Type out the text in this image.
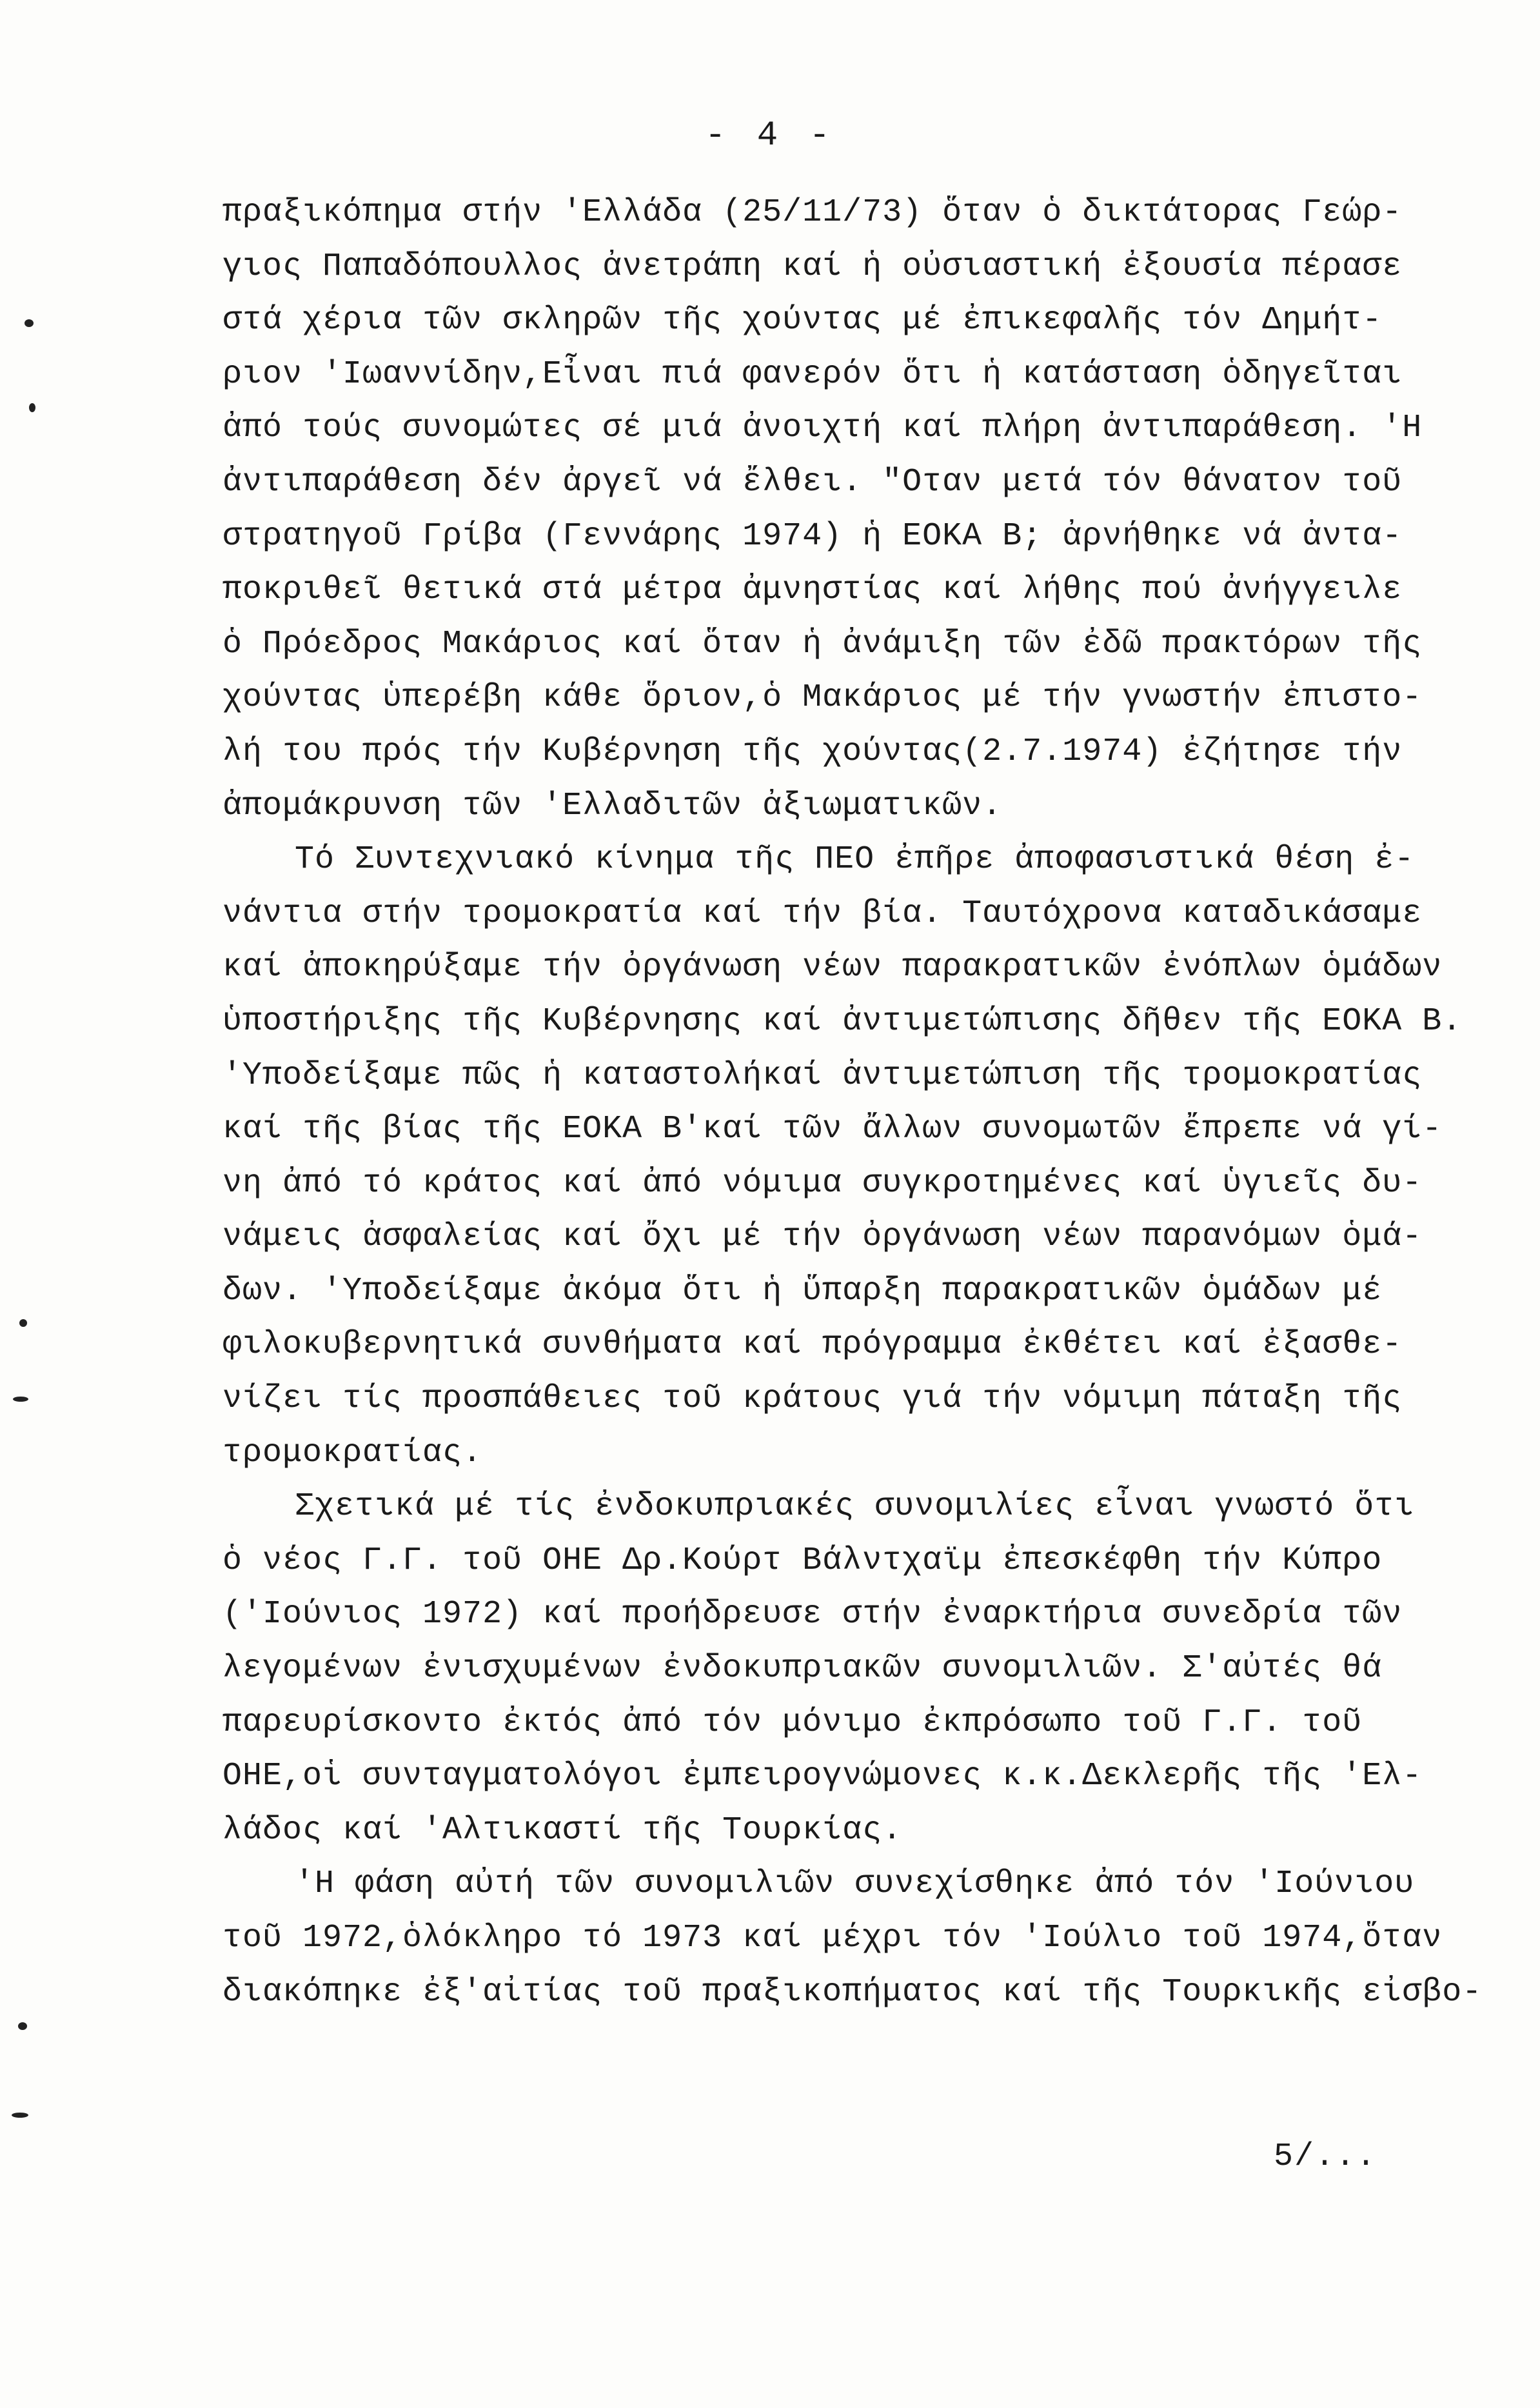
- 4 -
πραξικόπημα στήν 'Ελλάδα (25/11/73) ὅταν ὁ δικτάτορας Γεώρ-
γιος Παπαδόπουλλος ἀνετράπη καί ἡ οὐσιαστική ἐξουσία πέρασε
στά χέρια τῶν σκληρῶν τῆς χούντας μέ ἐπικεφαλῆς τόν Δημήτ-
ριον 'Ιωαννίδην,Εἶναι πιά φανερόν ὅτι ἡ κατάσταση ὁδηγεῖται
ἀπό τούς συνομώτες σέ μιά ἀνοιχτή καί πλήρη ἀντιπαράθεση. 'Η
ἀντιπαράθεση δέν ἀργεῖ νά ἔλθει. "Οταν μετά τόν θάνατον τοῦ
στρατηγοῦ Γρίβα (Γεννάρης 1974) ἡ ΕΟΚΑ Β; ἀρνήθηκε νά ἀντα-
ποκριθεῖ θετικά στά μέτρα ἀμνηστίας καί λήθης πού ἀνήγγειλε
ὁ Πρόεδρος Μακάριος καί ὅταν ἡ ἀνάμιξη τῶν ἐδῶ πρακτόρων τῆς
χούντας ὑπερέβη κάθε ὅριον,ὁ Μακάριος μέ τήν γνωστήν ἐπιστο-
λή του πρός τήν Κυβέρνηση τῆς χούντας(2.7.1974) ἐζήτησε τήν
ἀπομάκρυνση τῶν 'Ελλαδιτῶν ἀξιωματικῶν.
Τό Συντεχνιακό κίνημα τῆς ΠΕΟ ἐπῆρε ἀποφασιστικά θέση ἐ-
νάντια στήν τρομοκρατία καί τήν βία. Ταυτόχρονα καταδικάσαμε
καί ἀποκηρύξαμε τήν ὀργάνωση νέων παρακρατικῶν ἐνόπλων ὁμάδων
ὑποστήριξης τῆς Κυβέρνησης καί ἀντιμετώπισης δῆθεν τῆς ΕΟΚΑ Β.
'Υποδείξαμε πῶς ἡ καταστολήκαί ἀντιμετώπιση τῆς τρομοκρατίας
καί τῆς βίας τῆς ΕΟΚΑ Β'καί τῶν ἄλλων συνομωτῶν ἔπρεπε νά γί-
νη ἀπό τό κράτος καί ἀπό νόμιμα συγκροτημένες καί ὑγιεῖς δυ-
νάμεις ἀσφαλείας καί ὄχι μέ τήν ὀργάνωση νέων παρανόμων ὁμά-
δων. 'Υποδείξαμε ἀκόμα ὅτι ἡ ὕπαρξη παρακρατικῶν ὁμάδων μέ
φιλοκυβερνητικά συνθήματα καί πρόγραμμα ἐκθέτει καί ἐξασθε-
νίζει τίς προσπάθειες τοῦ κράτους γιά τήν νόμιμη πάταξη τῆς
τρομοκρατίας.
Σχετικά μέ τίς ἐνδοκυπριακές συνομιλίες εἶναι γνωστό ὅτι
ὁ νέος Γ.Γ. τοῦ ΟΗΕ Δρ.Κούρτ Βάλντχαϊμ ἐπεσκέφθη τήν Κύπρο
('Ιούνιος 1972) καί προήδρευσε στήν ἐναρκτήρια συνεδρία τῶν
λεγομένων ἐνισχυμένων ἐνδοκυπριακῶν συνομιλιῶν. Σ'αὐτές θά
παρευρίσκοντο ἐκτός ἀπό τόν μόνιμο ἐκπρόσωπο τοῦ Γ.Γ. τοῦ
ΟΗΕ,οἱ συνταγματολόγοι ἐμπειρογνώμονες κ.κ.Δεκλερῆς τῆς 'Ελ-
λάδος καί 'Αλτικαστί τῆς Τουρκίας.
'Η φάση αὐτή τῶν συνομιλιῶν συνεχίσθηκε ἀπό τόν 'Ιούνιου
τοῦ 1972,ὁλόκληρο τό 1973 καί μέχρι τόν 'Ιούλιο τοῦ 1974,ὅταν
διακόπηκε ἐξ'αἰτίας τοῦ πραξικοπήματος καί τῆς Τουρκικῆς εἰσβο-
5/...
